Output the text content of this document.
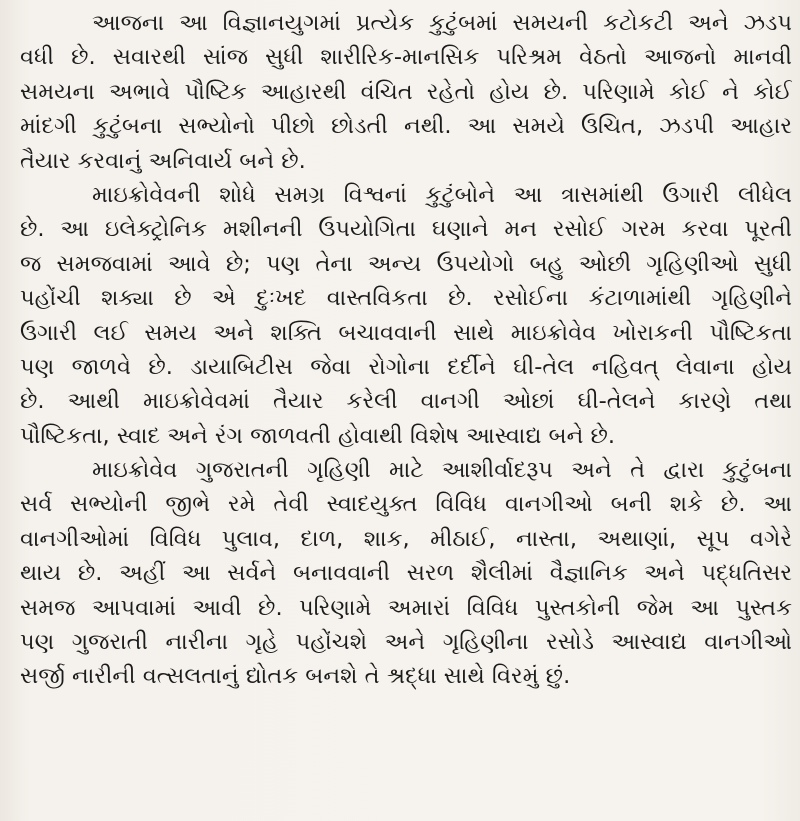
આજના આ વિજ્ઞાનયુગમાં પ્રત્યેક કુટુંબમાં સમયની કટોકટી અને ઝડપ
વધી છે. સવારથી સાંજ સુધી શારીરિક-માનસિક પરિશ્રમ વેઠતો આજનો માનવી
સમયના અભાવે પૌષ્ટિક આહારથી વંચિત રહેતો હોય છે. પરિણામે કોઈ ને કોઈ
માંદગી કુટુંબના સભ્યોનો પીછો છોડતી નથી. આ સમયે ઉચિત, ઝડપી આહાર
તૈયાર કરવાનું અનિવાર્ય બને છે.
માઇક્રોવેવની શોધે સમગ્ર વિશ્વનાં કુટુંબોને આ ત્રાસમાંથી ઉગારી લીધેલ
છે. આ ઇલેક્ટ્રોનિક મશીનની ઉપયોગિતા ઘણાને મન રસોઈ ગરમ કરવા પૂરતી
જ સમજવામાં આવે છે; પણ તેના અન્ય ઉપયોગો બહુ ઓછી ગૃહિણીઓ સુધી
પહોંચી શક્યા છે એ દુઃખદ વાસ્તવિકતા છે. રસોઈના કંટાળામાંથી ગૃહિણીને
ઉગારી લઈ સમય અને શક્તિ બચાવવાની સાથે માઇક્રોવેવ ખોરાકની પૌષ્ટિકતા
પણ જાળવે છે. ડાયાબિટીસ જેવા રોગોના દર્દીને ઘી-તેલ નહિવત્ લેવાના હોય
છે. આથી માઇક્રોવેવમાં તૈયાર કરેલી વાનગી ઓછાં ઘી-તેલને કારણે તથા
પૌષ્ટિકતા, સ્વાદ અને રંગ જાળવતી હોવાથી વિશેષ આસ્વાદ્ય બને છે.
માઇક્રોવેવ ગુજરાતની ગૃહિણી માટે આશીર્વાદરૂપ અને તે દ્વારા કુટુંબના
સર્વ સભ્યોની જીભે રમે તેવી સ્વાદયુક્ત વિવિધ વાનગીઓ બની શકે છે. આ
વાનગીઓમાં વિવિધ પુલાવ, દાળ, શાક, મીઠાઈ, નાસ્તા, અથાણાં, સૂપ વગેરે
થાય છે. અહીં આ સર્વને બનાવવાની સરળ શૈલીમાં વૈજ્ઞાનિક અને પદ્ધતિસર
સમજ આપવામાં આવી છે. પરિણામે અમારાં વિવિધ પુસ્તકોની જેમ આ પુસ્તક
પણ ગુજરાતી નારીના ગૃહે પહોંચશે અને ગૃહિણીના રસોડે આસ્વાદ્ય વાનગીઓ
સર્જી નારીની વત્સલતાનું દ્યોતક બનશે તે શ્રદ્ધા સાથે વિરમું છું.
